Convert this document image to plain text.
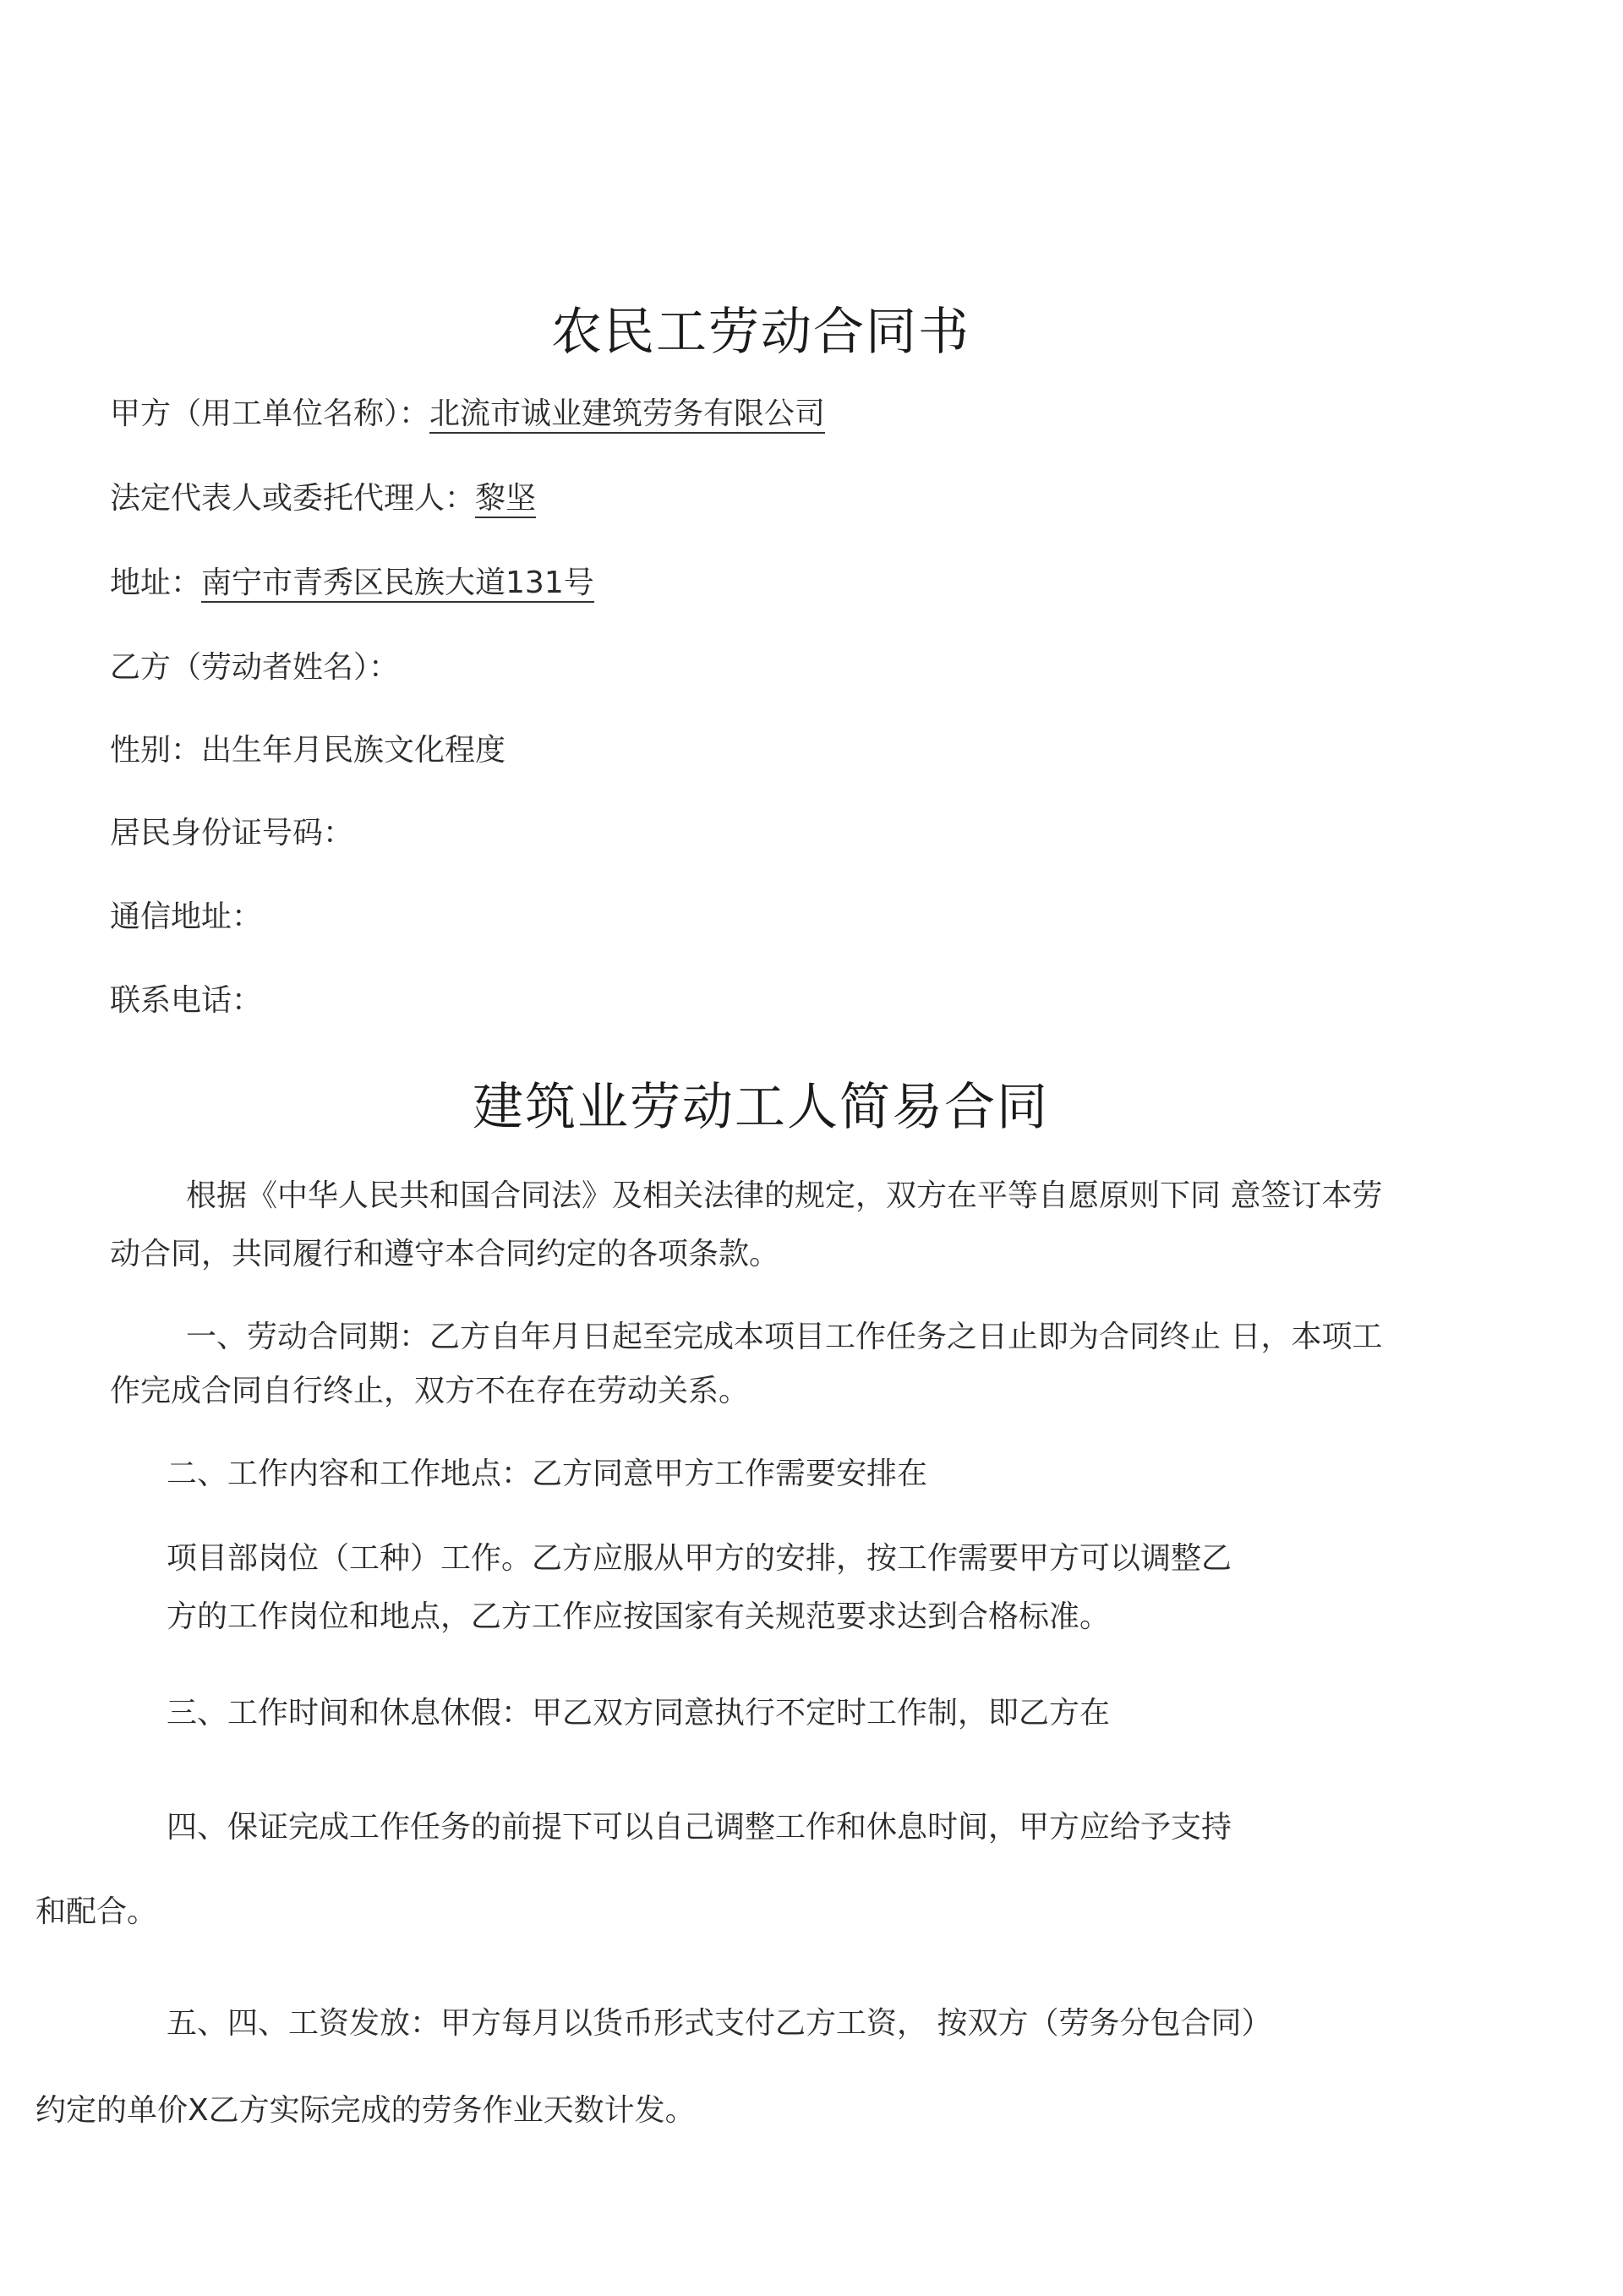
农民工劳动合同书
甲方（用工单位名称）：北流市诚业建筑劳务有限公司
法定代表人或委托代理人：黎坚
地址：南宁市青秀区民族大道131号
乙方（劳动者姓名）：
性别：出生年月民族文化程度
居民身份证号码：
通信地址：
联系电话：
建筑业劳动工人简易合同
根据《中华人民共和国合同法》及相关法律的规定，双方在平等自愿原则下同 意签订本劳
动合同，共同履行和遵守本合同约定的各项条款。
一、劳动合同期：乙方自年月日起至完成本项目工作任务之日止即为合同终止 日，本项工
作完成合同自行终止，双方不在存在劳动关系。
二、工作内容和工作地点：乙方同意甲方工作需要安排在
项目部岗位（工种）工作。乙方应服从甲方的安排，按工作需要甲方可以调整乙
方的工作岗位和地点，乙方工作应按国家有关规范要求达到合格标准。
三、工作时间和休息休假：甲乙双方同意执行不定时工作制，即乙方在
四、保证完成工作任务的前提下可以自己调整工作和休息时间，甲方应给予支持
和配合。
五、四、工资发放：甲方每月以货币形式支付乙方工资， 按双方（劳务分包合同）
约定的单价X乙方实际完成的劳务作业天数计发。
